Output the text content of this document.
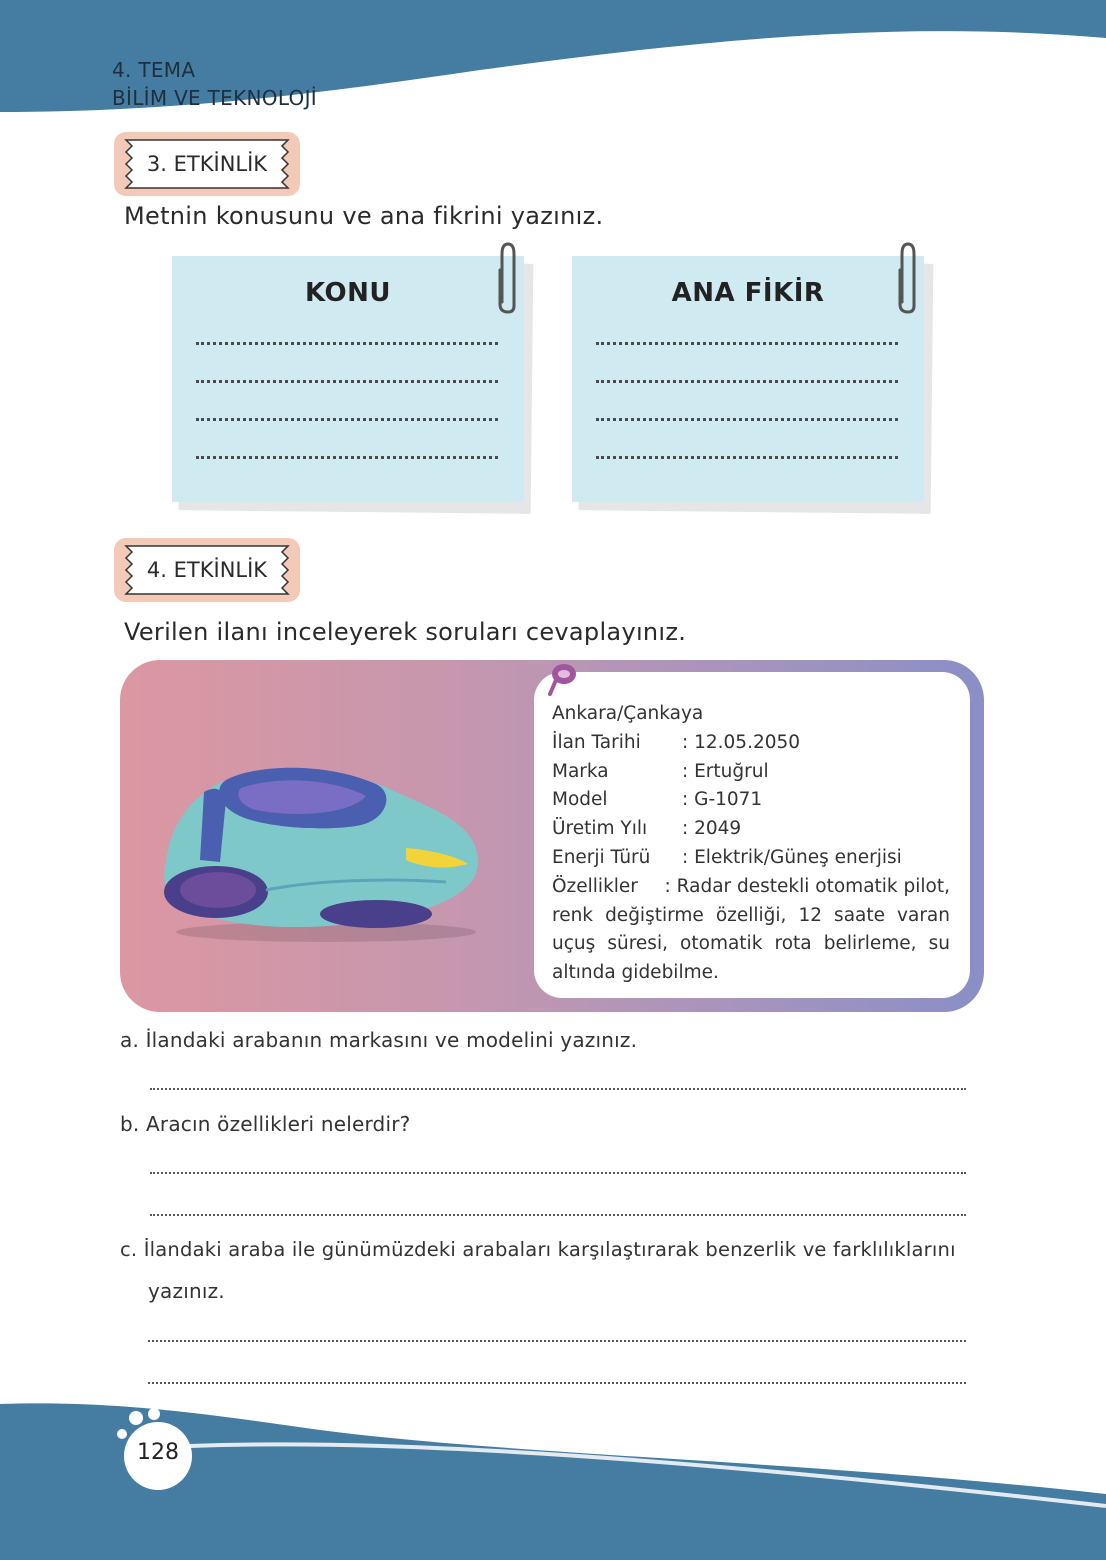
4. TEMA
BİLİM VE TEKNOLOJİ
3. ETKİNLİK
Metnin konusunu ve ana fikrini yazınız.
KONU	ANA FİKİR
4. ETKİNLİK
Verilen ilanı inceleyerek soruları cevaplayınız.
Ankara/Çankaya
İlan Tarihi	: 12.05.2050
Marka	: Ertuğrul
Model	: G-1071
Üretim Yılı	: 2049
Enerji Türü	: Elektrik/Güneş enerjisi
Özellikler	: Radar destekli otomatik pilot,
renk değiştirme özelliği, 12 saate varan uçuş süresi, otomatik rota belirleme, su altında gidebilme.
a. İlandaki arabanın markasını ve modelini yazınız.
b. Aracın özellikleri nelerdir?
c. İlandaki araba ile günümüzdeki arabaları karşılaştırarak benzerlik ve farklılıklarını
yazınız.
128
